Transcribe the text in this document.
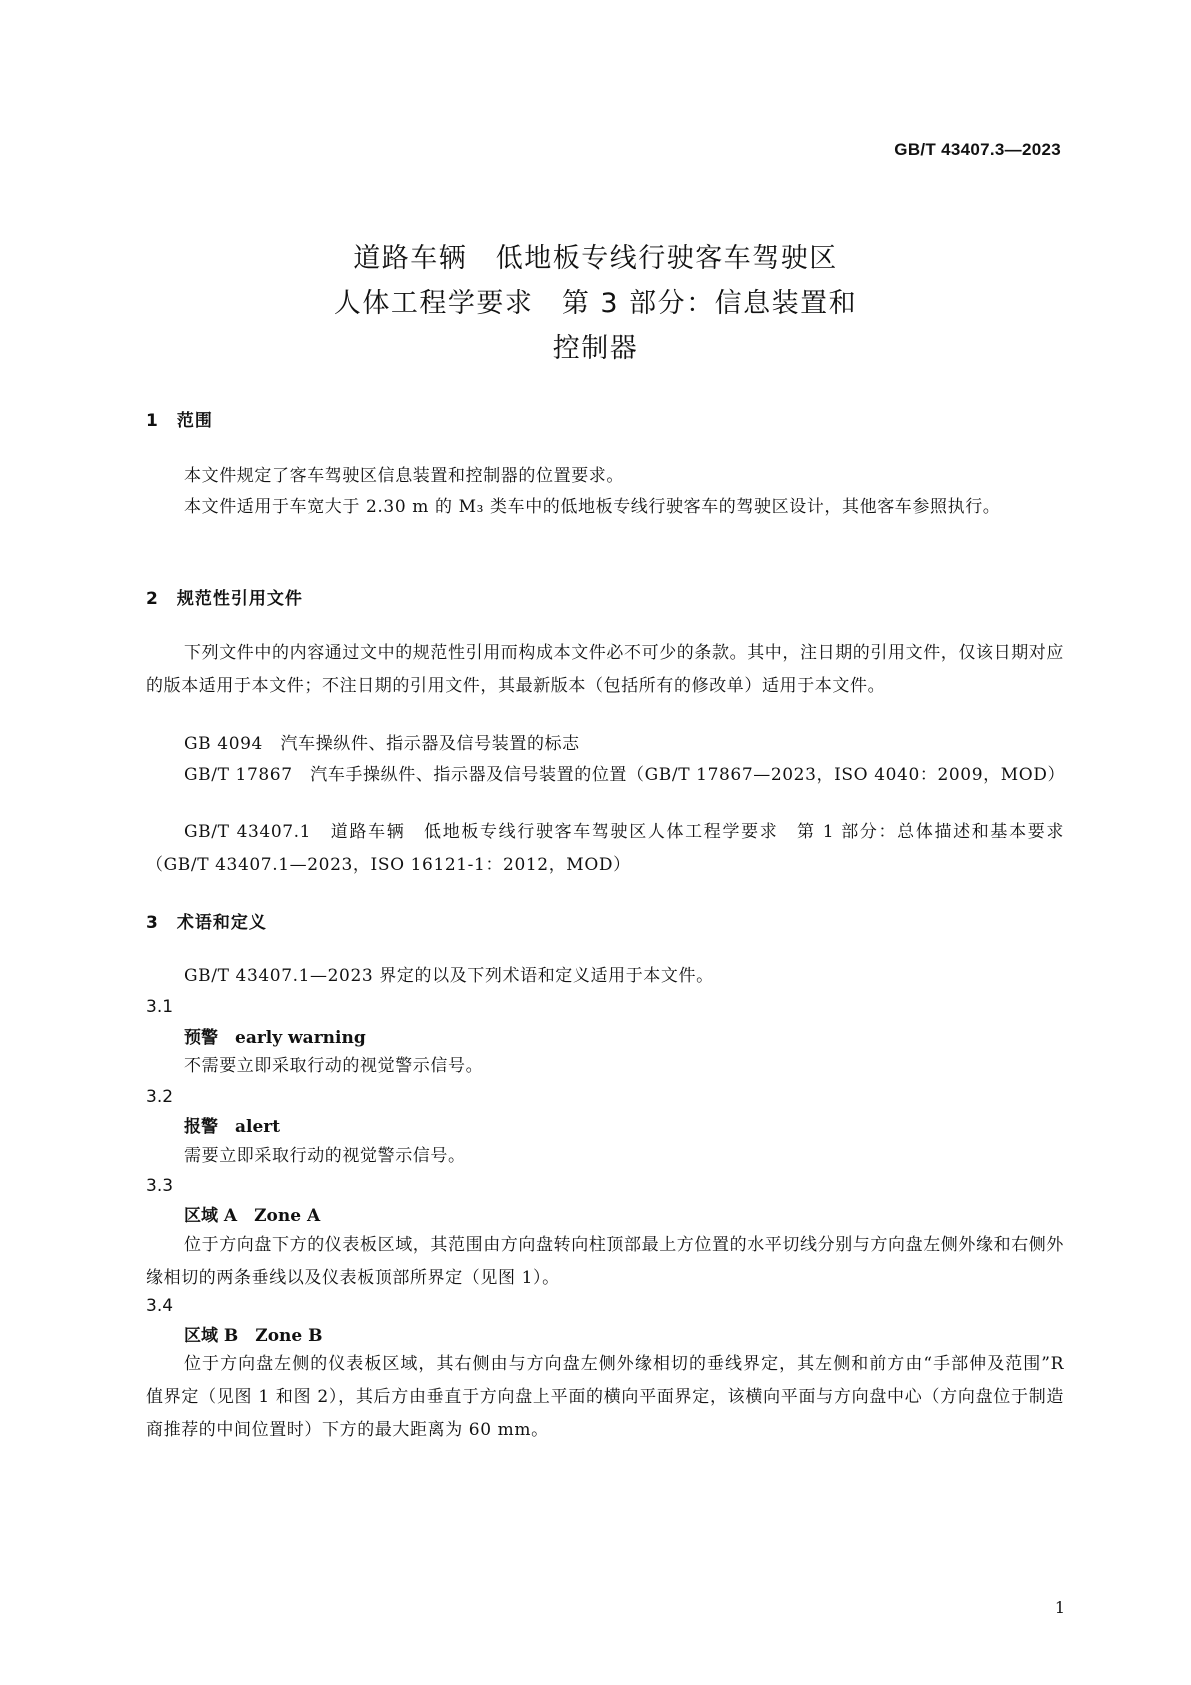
GB/T 43407.3—2023
道路车辆　低地板专线行驶客车驾驶区
人体工程学要求　第 3 部分：信息装置和
控制器
1　范围
本文件规定了客车驾驶区信息装置和控制器的位置要求。
本文件适用于车宽大于 2.30 m 的 M₃ 类车中的低地板专线行驶客车的驾驶区设计，其他客车参照执行。
2　规范性引用文件
下列文件中的内容通过文中的规范性引用而构成本文件必不可少的条款。其中，注日期的引用文件，仅该日期对应的版本适用于本文件；不注日期的引用文件，其最新版本（包括所有的修改单）适用于本文件。
GB 4094　汽车操纵件、指示器及信号装置的标志
GB/T 17867　汽车手操纵件、指示器及信号装置的位置（GB/T 17867—2023，ISO 4040：2009，MOD）
GB/T 43407.1　道路车辆　低地板专线行驶客车驾驶区人体工程学要求　第 1 部分：总体描述和基本要求（GB/T 43407.1—2023，ISO 16121-1：2012，MOD）
3　术语和定义
GB/T 43407.1—2023 界定的以及下列术语和定义适用于本文件。
3.1
预警　early warning
不需要立即采取行动的视觉警示信号。
3.2
报警　alert
需要立即采取行动的视觉警示信号。
3.3
区域 A　Zone A
位于方向盘下方的仪表板区域，其范围由方向盘转向柱顶部最上方位置的水平切线分别与方向盘左侧外缘和右侧外缘相切的两条垂线以及仪表板顶部所界定（见图 1）。
3.4
区域 B　Zone B
位于方向盘左侧的仪表板区域，其右侧由与方向盘左侧外缘相切的垂线界定，其左侧和前方由“手部伸及范围”R 值界定（见图 1 和图 2），其后方由垂直于方向盘上平面的横向平面界定，该横向平面与方向盘中心（方向盘位于制造商推荐的中间位置时）下方的最大距离为 60 mm。
1
